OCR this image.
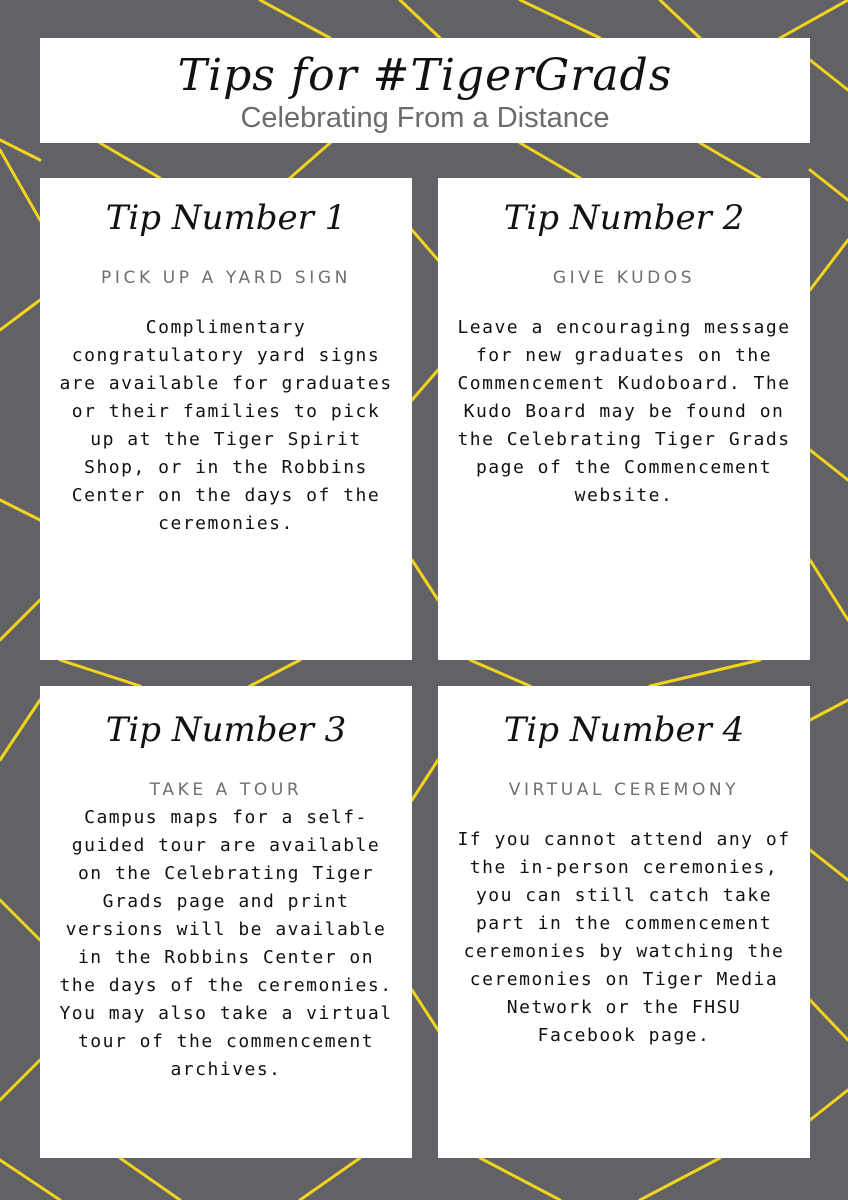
Tips for #TigerGrads
Celebrating From a Distance
Tip Number 1
PICK UP A YARD SIGN
Complimentary congratulatory yard signs are available for graduates or their families to pick up at the Tiger Spirit Shop, or in the Robbins Center on the days of the ceremonies.
Tip Number 2
GIVE KUDOS
Leave a encouraging message for new graduates on the Commencement Kudoboard. The Kudo Board may be found on the Celebrating Tiger Grads page of the Commencement website.
Tip Number 3
TAKE A TOUR
Campus maps for a self-guided tour are available on the Celebrating Tiger Grads page and print versions will be available in the Robbins Center on the days of the ceremonies. You may also take a virtual tour of the commencement archives.
Tip Number 4
VIRTUAL CEREMONY
If you cannot attend any of the in-person ceremonies, you can still catch take part in the commencement ceremonies by watching the ceremonies on Tiger Media Network or the FHSU Facebook page.
